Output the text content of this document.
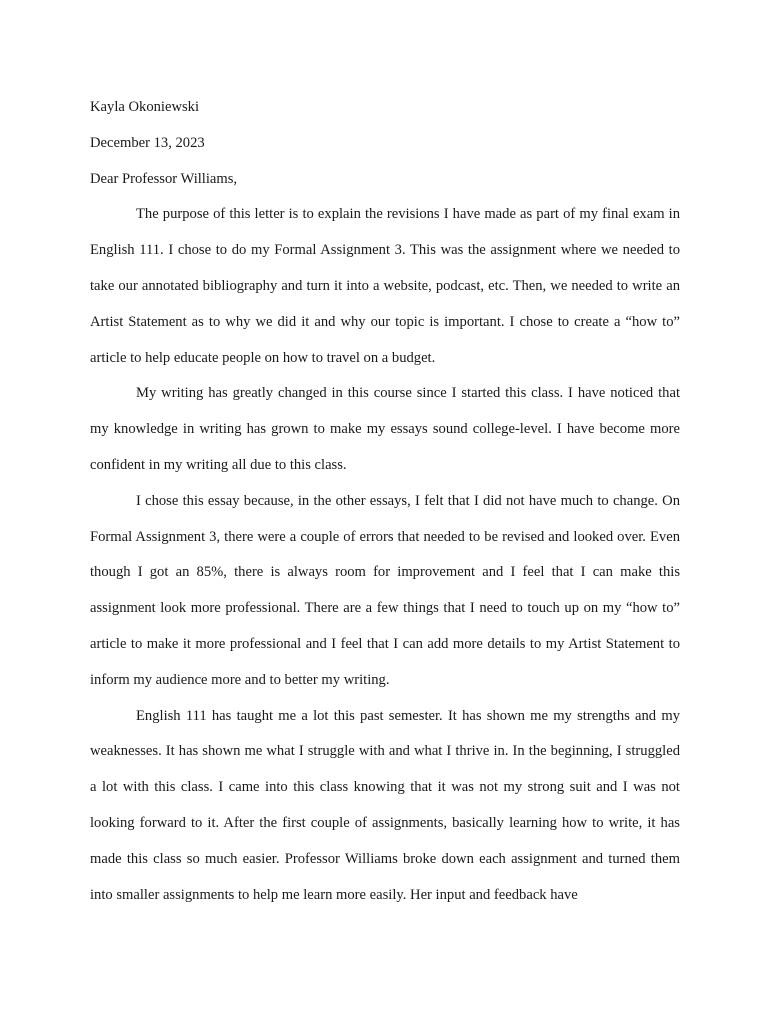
Kayla Okoniewski

December 13, 2023

Dear Professor Williams,

The purpose of this letter is to explain the revisions I have made as part of my final exam in English 111. I chose to do my Formal Assignment 3. This was the assignment where we needed to take our annotated bibliography and turn it into a website, podcast, etc. Then, we needed to write an Artist Statement as to why we did it and why our topic is important. I chose to create a “how to” article to help educate people on how to travel on a budget.

My writing has greatly changed in this course since I started this class. I have noticed that my knowledge in writing has grown to make my essays sound college-level. I have become more confident in my writing all due to this class.

I chose this essay because, in the other essays, I felt that I did not have much to change. On Formal Assignment 3, there were a couple of errors that needed to be revised and looked over. Even though I got an 85%, there is always room for improvement and I feel that I can make this assignment look more professional. There are a few things that I need to touch up on my “how to” article to make it more professional and I feel that I can add more details to my Artist Statement to inform my audience more and to better my writing.

English 111 has taught me a lot this past semester. It has shown me my strengths and my weaknesses. It has shown me what I struggle with and what I thrive in. In the beginning, I struggled a lot with this class. I came into this class knowing that it was not my strong suit and I was not looking forward to it. After the first couple of assignments, basically learning how to write, it has made this class so much easier. Professor Williams broke down each assignment and turned them into smaller assignments to help me learn more easily. Her input and feedback have
